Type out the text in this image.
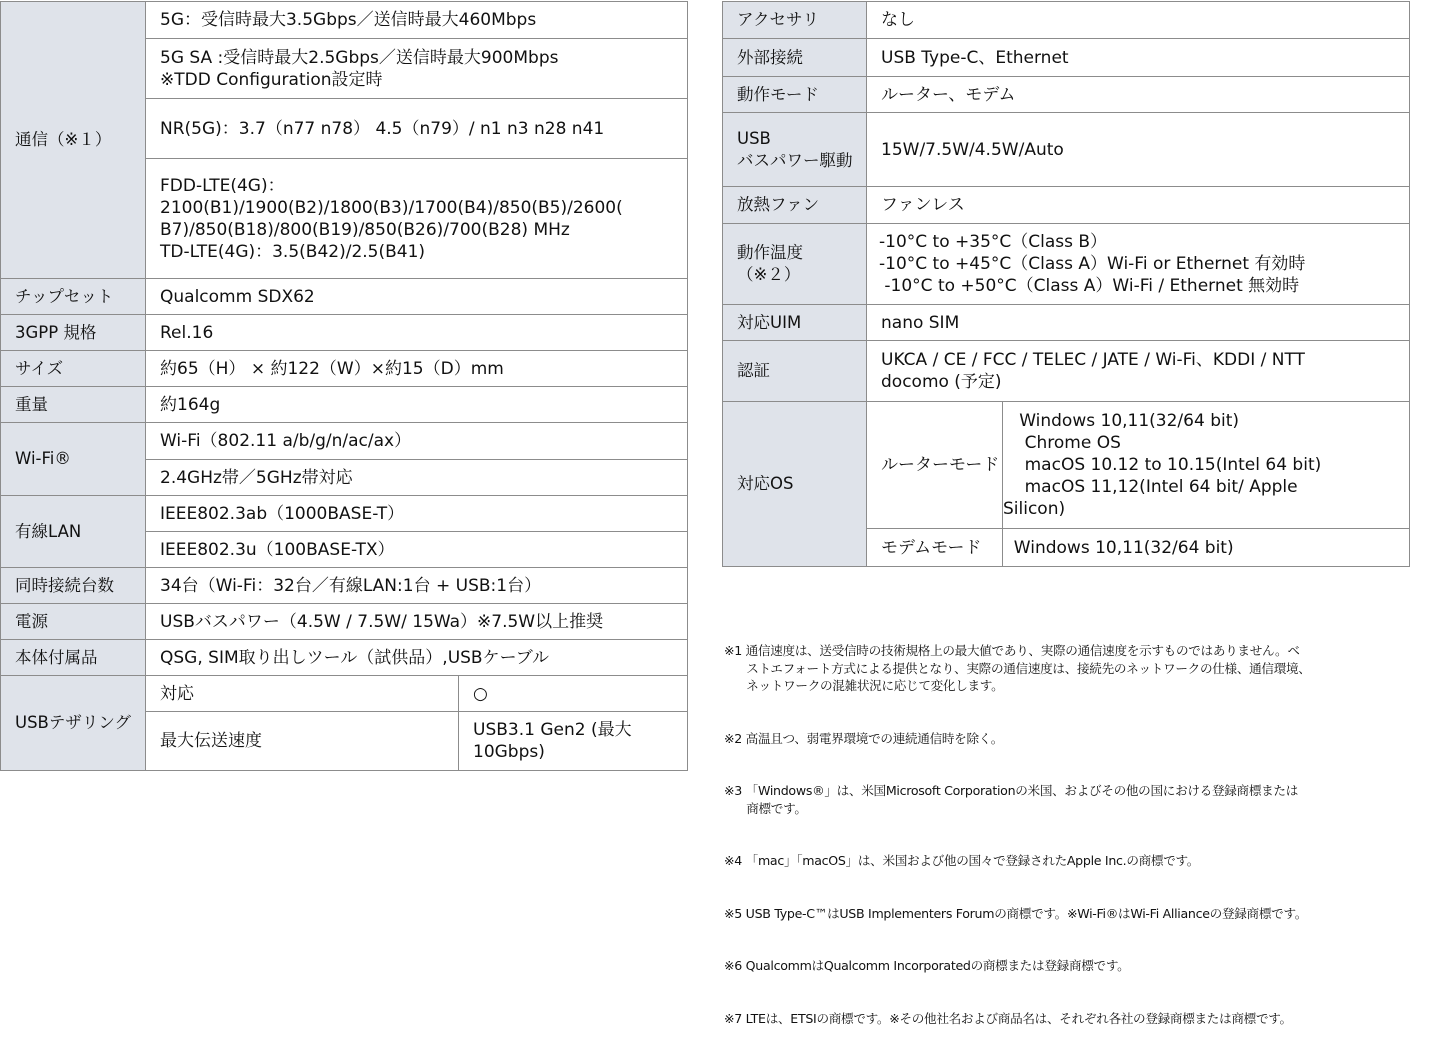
通信（※１）	5G：受信時最大3.5Gbps／送信時最大460Mbps	
	5G SA :受信時最大2.5Gbps／送信時最大900Mbps
※TDD Configuration設定時	
	NR(5G)：3.7（n77 n78） 4.5（n79）/ n1 n3 n28 n41	
	FDD-LTE(4G)：
2100(B1)/1900(B2)/1800(B3)/1700(B4)/850(B5)/2600(
B7)/850(B18)/800(B19)/850(B26)/700(B28) MHz
TD-LTE(4G)：3.5(B42)/2.5(B41)	
チップセット	Qualcomm SDX62	
3GPP 規格	Rel.16	
サイズ	約65（H） × 約122（W）×約15（D）mm	
重量	約164g	
Wi-Fi®	Wi-Fi（802.11 a/b/g/n/ac/ax）	
	2.4GHz帯／5GHz帯対応	
有線LAN	IEEE802.3ab（1000BASE-T）	
	IEEE802.3u（100BASE-TX）	
同時接続台数	34台（Wi-Fi：32台／有線LAN:1台 + USB:1台）	
電源	USBバスパワー（4.5W / 7.5W/ 15Wa）※7.5W以上推奨	
本体付属品	QSG, SIM取り出しツール（試供品）,USBケーブル	
USBテザリング	対応	○
	最大伝送速度	USB3.1 Gen2 (最大
10Gbps)
アクセサリ	なし	
外部接続	USB Type-C、Ethernet	
動作モード	ルーター、モデム	
USB
バスパワー駆動	15W/7.5W/4.5W/Auto	
放熱ファン	ファンレス	
動作温度
（※２）	-10°C to +35°C（Class B）
-10°C to +45°C（Class A）Wi-Fi or Ethernet 有効時
-10°C to +50°C（Class A）Wi-Fi / Ethernet 無効時	
対応UIM	nano SIM	
認証	UKCA / CE / FCC / TELEC / JATE / Wi-Fi、KDDI / NTT
docomo (予定)	
対応OS	ルーターモード	Windows 10,11(32/64 bit)
Chrome OS
macOS 10.12 to 10.15(Intel 64 bit)
macOS 11,12(Intel 64 bit/ Apple
Silicon)
	モデムモード	Windows 10,11(32/64 bit)

※1 通信速度は、送受信時の技術規格上の最大値であり、実際の通信速度を示すものではありません。ベ
ストエフォート方式による提供となり、実際の通信速度は、接続先のネットワークの仕様、通信環境、
ネットワークの混雑状況に応じて変化します。

※2 高温且つ、弱電界環境での連続通信時を除く。

※3 「Windows®」は、米国Microsoft Corporationの米国、およびその他の国における登録商標または
商標です。

※4 「mac」「macOS」は、米国および他の国々で登録されたApple Inc.の商標です。

※5 USB Type-C™はUSB Implementers Forumの商標です。※Wi-Fi®はWi-Fi Allianceの登録商標です。

※6 QualcommはQualcomm Incorporatedの商標または登録商標です。

※7 LTEは、ETSIの商標です。※その他社名および商品名は、それぞれ各社の登録商標または商標です。
